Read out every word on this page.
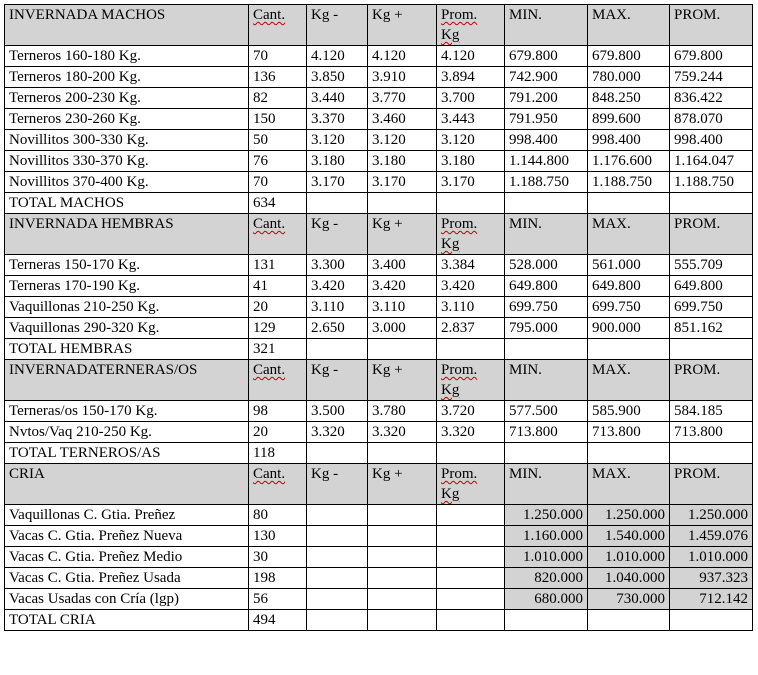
INVERNADA MACHOS	Cant.	Kg -	Kg +	Prom. Kg	MIN.	MAX.	PROM.
Terneros 160-180 Kg.	70	4.120	4.120	4.120	679.800	679.800	679.800
Terneros 180-200 Kg.	136	3.850	3.910	3.894	742.900	780.000	759.244
Terneros 200-230 Kg.	82	3.440	3.770	3.700	791.200	848.250	836.422
Terneros 230-260 Kg.	150	3.370	3.460	3.443	791.950	899.600	878.070
Novillitos 300-330 Kg.	50	3.120	3.120	3.120	998.400	998.400	998.400
Novillitos 330-370 Kg.	76	3.180	3.180	3.180	1.144.800	1.176.600	1.164.047
Novillitos 370-400 Kg.	70	3.170	3.170	3.170	1.188.750	1.188.750	1.188.750
TOTAL MACHOS	634						
INVERNADA HEMBRAS	Cant.	Kg -	Kg +	Prom. Kg	MIN.	MAX.	PROM.
Terneras 150-170 Kg.	131	3.300	3.400	3.384	528.000	561.000	555.709
Terneras 170-190 Kg.	41	3.420	3.420	3.420	649.800	649.800	649.800
Vaquillonas 210-250 Kg.	20	3.110	3.110	3.110	699.750	699.750	699.750
Vaquillonas 290-320 Kg.	129	2.650	3.000	2.837	795.000	900.000	851.162
TOTAL HEMBRAS	321						
INVERNADATERNERAS/OS	Cant.	Kg -	Kg +	Prom. Kg	MIN.	MAX.	PROM.
Terneras/os 150-170 Kg.	98	3.500	3.780	3.720	577.500	585.900	584.185
Nvtos/Vaq 210-250 Kg.	20	3.320	3.320	3.320	713.800	713.800	713.800
TOTAL TERNEROS/AS	118						
CRIA	Cant.	Kg -	Kg +	Prom. Kg	MIN.	MAX.	PROM.
Vaquillonas C. Gtia. Preñez	80				1.250.000	1.250.000	1.250.000
Vacas C. Gtia. Preñez Nueva	130				1.160.000	1.540.000	1.459.076
Vacas C. Gtia. Preñez Medio	30				1.010.000	1.010.000	1.010.000
Vacas C. Gtia. Preñez Usada	198				820.000	1.040.000	937.323
Vacas Usadas con Cría (lgp)	56				680.000	730.000	712.142
TOTAL CRIA	494						
